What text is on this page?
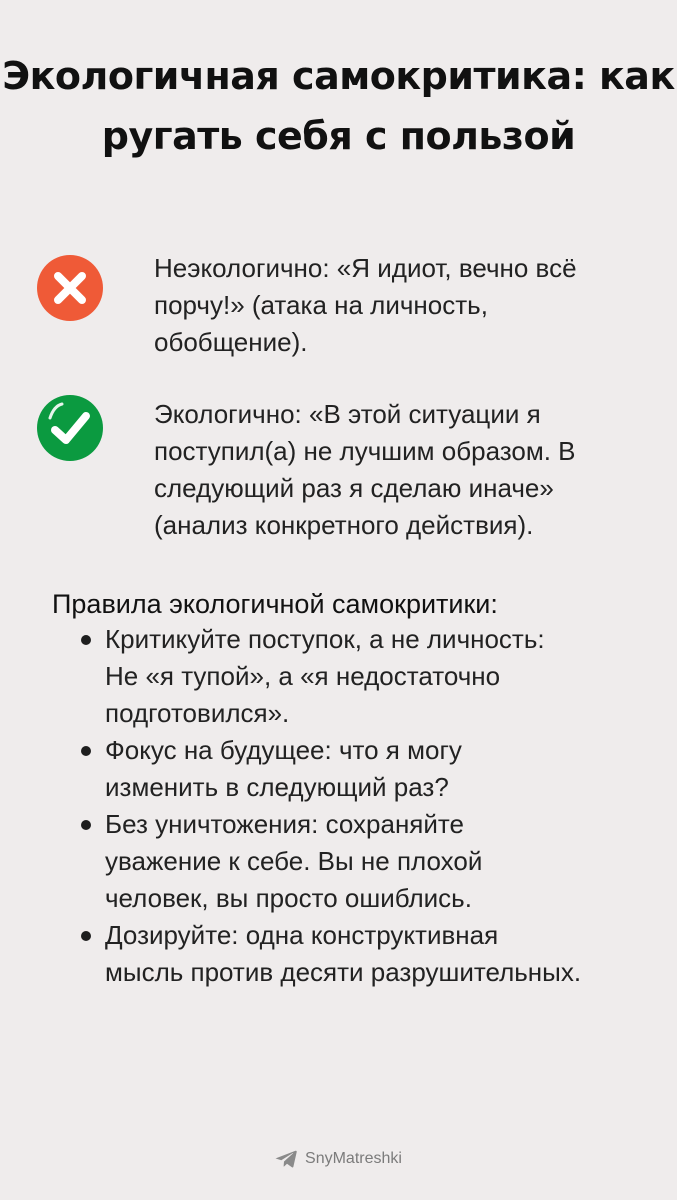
Экологичная самокритика: как
ругать себя с пользой
Неэкологично: «Я идиот, вечно всё
порчу!» (атака на личность,
обобщение).
Экологично: «В этой ситуации я
поступил(а) не лучшим образом. В
следующий раз я сделаю иначе»
(анализ конкретного действия).
Правила экологичной самокритики:
Критикуйте поступок, а не личность:
Не «я тупой», а «я недостаточно
подготовился».
Фокус на будущее: что я могу
изменить в следующий раз?
Без уничтожения: сохраняйте
уважение к себе. Вы не плохой
человек, вы просто ошиблись.
Дозируйте: одна конструктивная
мысль против десяти разрушительных.
SnyMatreshki
